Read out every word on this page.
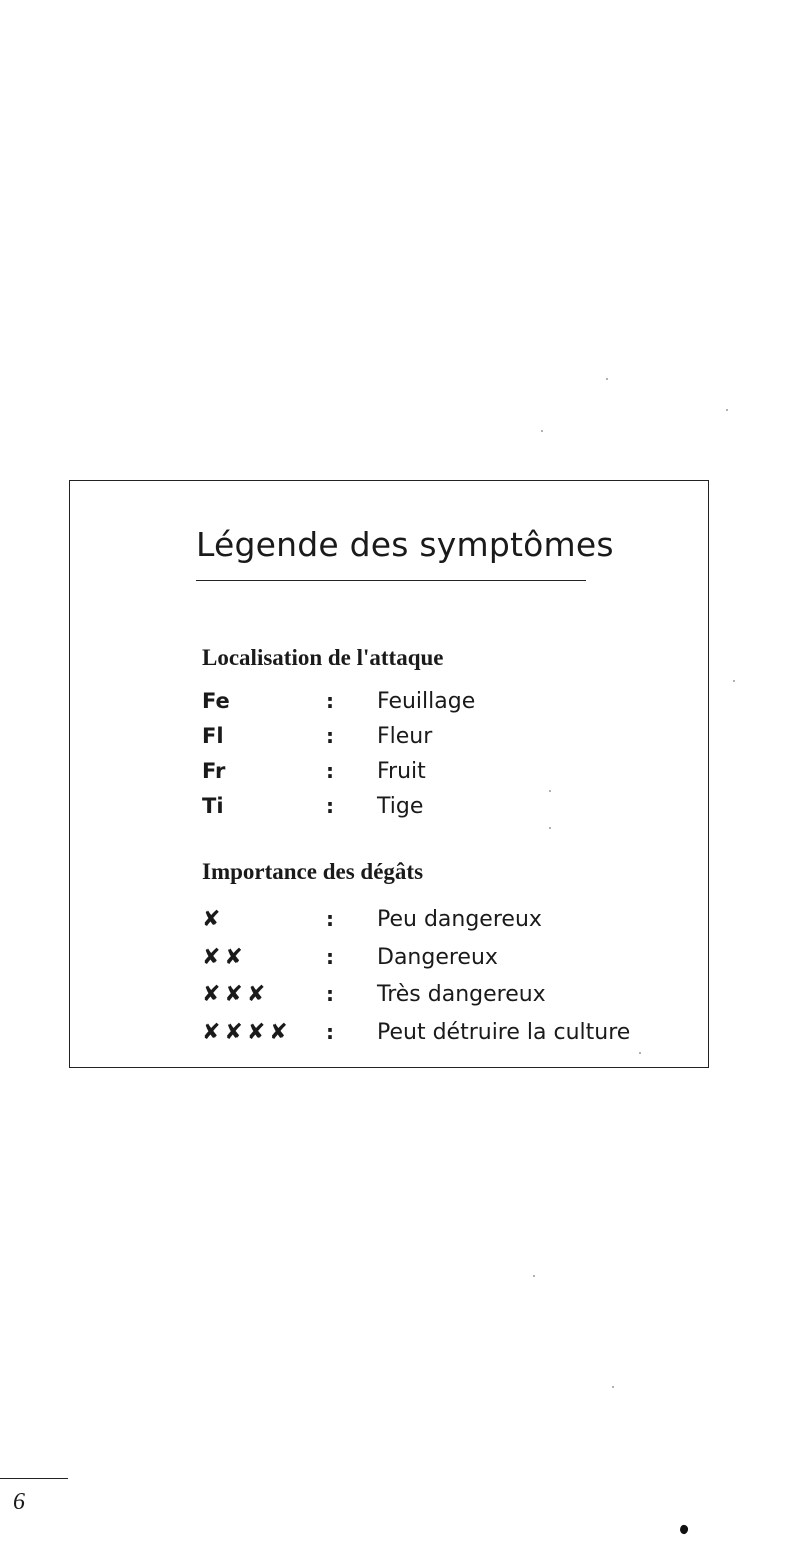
Légende des symptômes
Localisation de l'attaque
Fe	: Feuillage
Fl	: Fleur
Fr	: Fruit
Ti	: Tige
Importance des dégâts
✘	: Peu dangereux
✘✘	: Dangereux
✘✘✘	: Très dangereux
✘✘✘✘ : Peut détruire la culture
6
